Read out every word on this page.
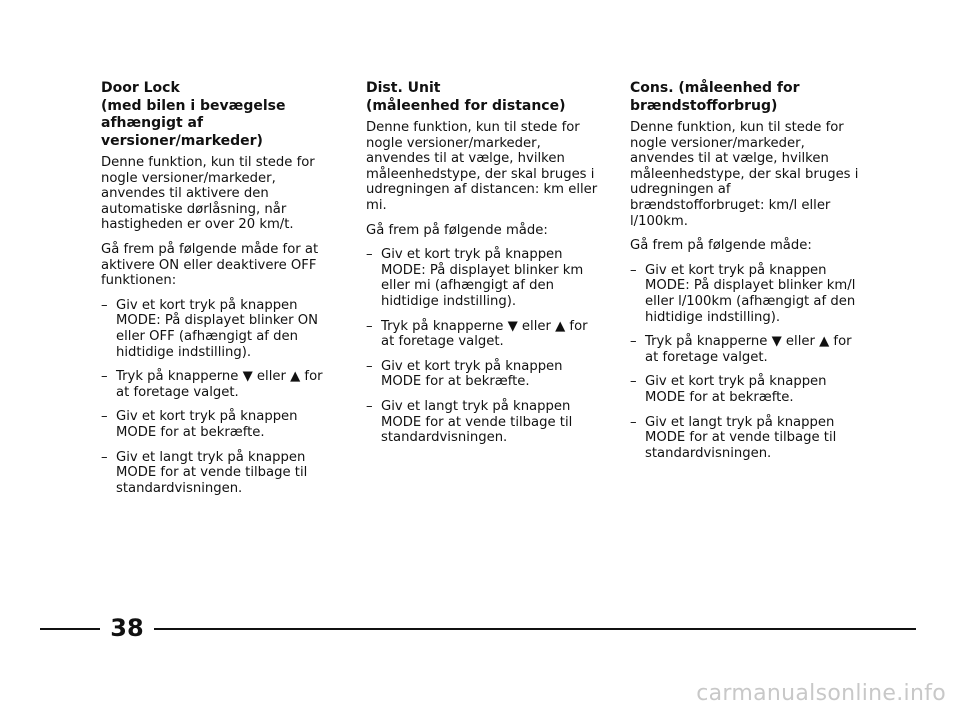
Door Lock
(med bilen i bevægelse
afhængigt af
versioner/markeder)

Denne funktion, kun til stede for nogle versioner/markeder, anvendes til aktivere den automatiske dørlåsning, når hastigheden er over 20 km/t.

Gå frem på følgende måde for at aktivere ON eller deaktivere OFF funktionen:

– Giv et kort tryk på knappen MODE: På displayet blinker ON eller OFF (afhængigt af den hidtidige indstilling).
– Tryk på knapperne ▼ eller ▲ for at foretage valget.
– Giv et kort tryk på knappen MODE for at bekræfte.
– Giv et langt tryk på knappen MODE for at vende tilbage til standardvisningen.
Dist. Unit
(måleenhed for distance)

Denne funktion, kun til stede for nogle versioner/markeder, anvendes til at vælge, hvilken måleenhedstype, der skal bruges i udregningen af distancen: km eller mi.

Gå frem på følgende måde:

– Giv et kort tryk på knappen MODE: På displayet blinker km eller mi (afhængigt af den hidtidige indstilling).
– Tryk på knapperne ▼ eller ▲ for at foretage valget.
– Giv et kort tryk på knappen MODE for at bekræfte.
– Giv et langt tryk på knappen MODE for at vende tilbage til standardvisningen.
Cons. (måleenhed for
brændstofforbrug)

Denne funktion, kun til stede for nogle versioner/markeder, anvendes til at vælge, hvilken måleenhedstype, der skal bruges i udregningen af brændstofforbruget: km/l eller l/100km.

Gå frem på følgende måde:

– Giv et kort tryk på knappen MODE: På displayet blinker km/l eller l/100km (afhængigt af den hidtidige indstilling).
– Tryk på knapperne ▼ eller ▲ for at foretage valget.
– Giv et kort tryk på knappen MODE for at bekræfte.
– Giv et langt tryk på knappen MODE for at vende tilbage til standardvisningen.
38
carmanualsonline.info
